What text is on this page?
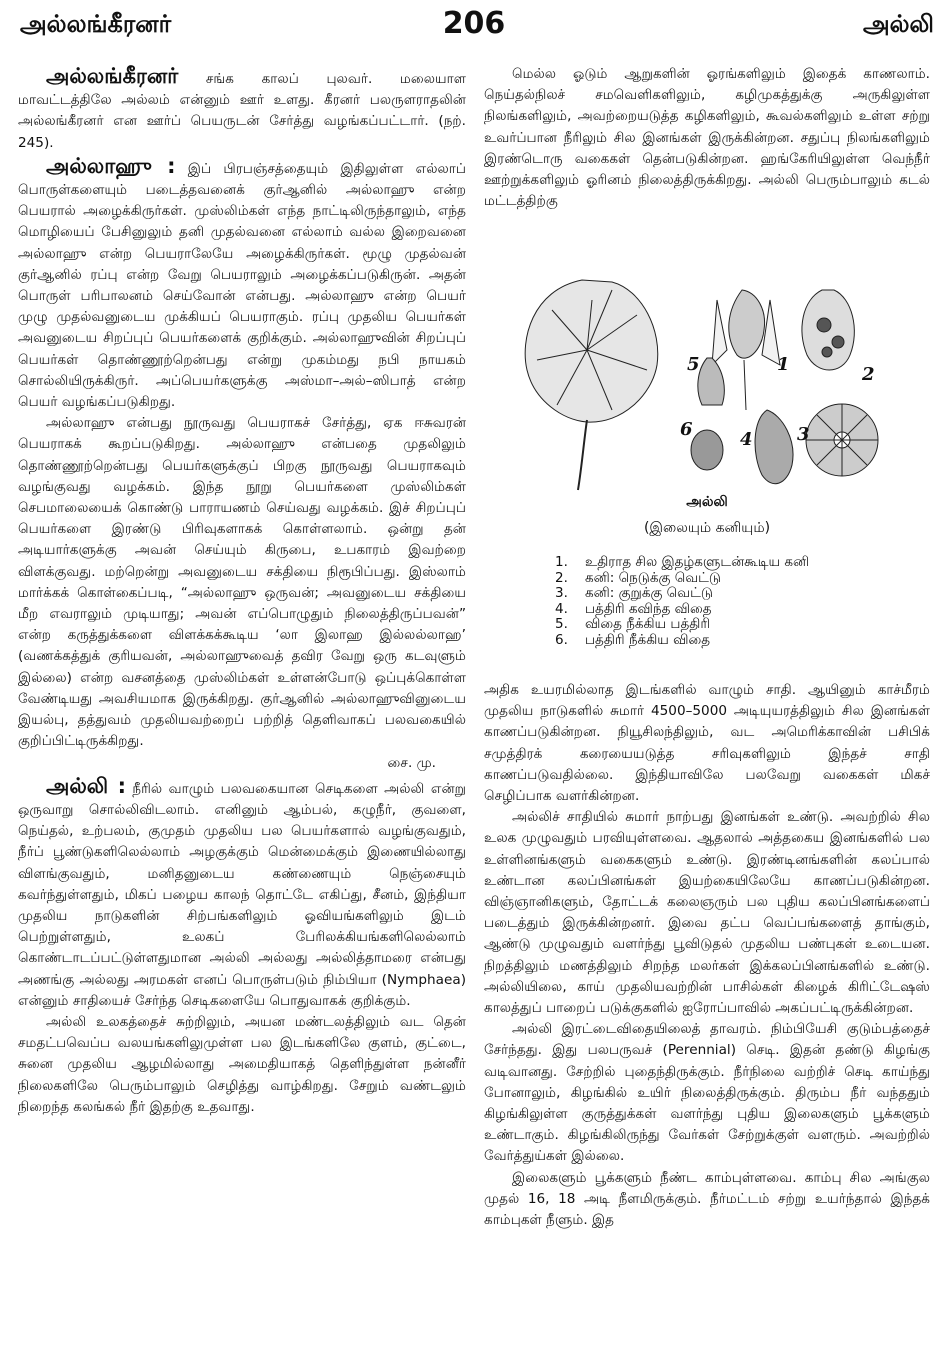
அல்லங்கீரனர்	206	அல்லி

அல்லங்கீரனர் சங்க காலப் புலவர். மலையாள மாவட்டத்திலே அல்லம் என்னும் ஊர் உளது. கீரனர் பலருளராதலின் அல்லங்கீரனர் என ஊர்ப் பெயருடன் சேர்த்து வழங்கப்பட்டார். (நற். 245).

அல்லாஹு : இப் பிரபஞ்சத்தையும் இதிலுள்ள எல்லாப் பொருள்களையும் படைத்தவனைக் குர்ஆனில் அல்லாஹு என்ற பெயரால் அழைக்கிருர்கள். முஸ்லிம்கள் எந்த நாட்டிலிருந்தாலும், எந்த மொழியைப் பேசினுலும் தனி முதல்வனை எல்லாம் வல்ல இறைவனை அல்லாஹு என்ற பெயராலேயே அழைக்கிருர்கள். மூழு முதல்வன் குர்ஆனில் ரப்பு என்ற வேறு பெயராலும் அழைக்கப்படுகிருன். அதன் பொருள் பரிபாலனம் செய்வோன் என்பது. அல்லாஹு என்ற பெயர் முழு முதல்வனுடைய முக்கியப் பெயராகும். ரப்பு முதலிய பெயர்கள் அவனுடைய சிறப்புப் பெயர்களைக் குறிக்கும். அல்லாஹுவின் சிறப்புப் பெயர்கள் தொண்ணூற்றென்பது என்று முகம்மது நபி நாயகம் சொல்லியிருக்கிருர். அப்பெயர்களுக்கு அஸ்மா–அல்–ஸிபாத் என்ற பெயர் வழங்கப்படுகிறது.

அல்லாஹு என்பது நூருவது பெயராகச் சேர்த்து, ஏக ஈசுவரன் பெயராகக் கூறப்படுகிறது. அல்லாஹு என்பதை முதலிலும் தொண்ணூற்றென்பது பெயர்களுக்குப் பிறகு நூருவது பெயராகவும் வழங்குவது வழக்கம். இந்த நூறு பெயர்களை முஸ்லிம்கள் செபமாலையைக் கொண்டு பாராயணம் செய்வது வழக்கம். இச் சிறப்புப் பெயர்களை இரண்டு பிரிவுகளாகக் கொள்ளலாம். ஒன்று தன் அடியார்களுக்கு அவன் செய்யும் கிருபை, உபகாரம் இவற்றை விளக்குவது. மற்றென்று அவனுடைய சக்தியை நிரூபிப்பது. இஸ்லாம் மார்க்கக் கொள்கைப்படி, “அல்லாஹு ஒருவன்; அவனுடைய சக்தியை மீற எவராலும் முடியாது; அவன் எப்பொழுதும் நிலைத்திருப்பவன்” என்ற கருத்துக்களை விளக்கக்கூடிய ‘லா இலாஹ இல்லல்லாஹ’ (வணக்கத்துக் குரியவன், அல்லாஹுவைத் தவிர வேறு ஒரு கடவுளும் இல்லை) என்ற வசனத்தை முஸ்லிம்கள் உள்ளன்போடு ஒப்புக்கொள்ள வேண்டியது அவசியமாக இருக்கிறது. குர்ஆனில் அல்லாஹுவினுடைய இயல்பு, தத்துவம் முதலியவற்றைப் பற்றித் தெளிவாகப் பலவகையில் குறிப்பிட்டிருக்கிறது.

சை. மு.

அல்லி : நீரில் வாழும் பலவகையான செடிகளை அல்லி என்று ஒருவாறு சொல்லிவிடலாம். எனினும் ஆம்பல், கழுநீர், குவளை, நெய்தல், உற்பலம், குமுதம் முதலிய பல பெயர்களால் வழங்குவதும், நீர்ப் பூண்டுகளிலெல்லாம் அழகுக்கும் மென்மைக்கும் இணையில்லாது விளங்குவதும், மனிதனுடைய கண்ணையும் நெஞ்சையும் கவர்ந்துள்ளதும், மிகப் பழைய காலந் தொட்டே எகிப்து, சீனம், இந்தியா முதலிய நாடுகளின் சிற்பங்களிலும் ஓவியங்களிலும் இடம் பெற்றுள்ளதும், உலகப் பேரிலக்கியங்களிலெல்லாம் கொண்டாடப்பட்டுள்ளதுமான அல்லி அல்லது அல்லித்தாமரை என்பது அணங்கு அல்லது அரமகள் எனப் பொருள்படும் நிம்பியா (Nymphaea) என்னும் சாதியைச் சேர்ந்த செடிகளையே பொதுவாகக் குறிக்கும்.

அல்லி உலகத்தைச் சுற்றிலும், அயன மண்டலத்திலும் வட தென் சமதட்பவெப்ப வலயங்களிலுமுள்ள பல இடங்களிலே குளம், குட்டை, சுனை முதலிய ஆழமில்லாது அமைதியாகத் தெளிந்துள்ள நன்னீர் நிலைகளிலே பெரும்பாலும் செழித்து வாழ்கிறது. சேறும் வண்டலும் நிறைந்த கலங்கல் நீர் இதற்கு உதவாது.

மெல்ல ஓடும் ஆறுகளின் ஓரங்களிலும் இதைக் காணலாம். நெய்தல்நிலச் சமவெளிகளிலும், கழிமுகத்துக்கு அருகிலுள்ள நிலங்களிலும், அவற்றையடுத்த கழிகளிலும், கூவல்களிலும் உள்ள சற்று உவர்ப்பான நீரிலும் சில இனங்கள் இருக்கின்றன. சதுப்பு நிலங்களிலும் இரண்டொரு வகைகள் தென்படுகின்றன. ஹங்கேரியிலுள்ள வெந்நீர் ஊற்றுக்களிலும் ஓரினம் நிலைத்திருக்கிறது. அல்லி பெரும்பாலும் கடல் மட்டத்திற்கு

1	2
3
4
5
6
அல்லி
(இலையும் கனியும்)
1.	உதிராத சில இதழ்களுடன்கூடிய கனி
2.	கனி: நெடுக்கு வெட்டு
3.	கனி: குறுக்கு வெட்டு
4.	பத்திரி கவிந்த விதை
5.	விதை நீக்கிய பத்திரி
6.	பத்திரி நீக்கிய விதை

அதிக உயரமில்லாத இடங்களில் வாழும் சாதி. ஆயினும் காச்மீரம் முதலிய நாடுகளில் சுமார் 4500–5000 அடியுயரத்திலும் சில இனங்கள் காணப்படுகின்றன. நியூசிலந்திலும், வட அமெரிக்காவின் பசிபிக் சமுத்திரக் கரையையடுத்த சரிவுகளிலும் இந்தச் சாதி காணப்படுவதில்லை. இந்தியாவிலே பலவேறு வகைகள் மிகச் செழிப்பாக வளர்கின்றன.

அல்லிச் சாதியில் சுமார் நாற்பது இனங்கள் உண்டு. அவற்றில் சில உலக முழுவதும் பரவியுள்ளவை. ஆதலால் அத்தகைய இனங்களில் பல உள்ளினங்களும் வகைகளும் உண்டு. இரண்டினங்களின் கலப்பால் உண்டான கலப்பினங்கள் இயற்கையிலேயே காணப்படுகின்றன. விஞ்ஞானிகளும், தோட்டக் கலைஞரும் பல புதிய கலப்பினங்களைப் படைத்தும் இருக்கின்றனர். இவை தட்ப வெப்பங்களைத் தாங்கும், ஆண்டு முழுவதும் வளர்ந்து பூவிடுதல் முதலிய பண்புகள் உடையன. நிறத்திலும் மணத்திலும் சிறந்த மலர்கள் இக்கலப்பினங்களில் உண்டு. அல்லியிலை, காய் முதலியவற்றின் பாசில்கள் கிழைக் கிரிட்டேஷஸ் காலத்துப் பாறைப் படுக்குகளில் ஐரோப்பாவில் அகப்பட்டிருக்கின்றன.

அல்லி இரட்டைவிதையிலைத் தாவரம். நிம்பியேசி குடும்பத்தைச் சேர்ந்தது. இது பலபருவச் (Perennial) செடி. இதன் தண்டு கிழங்கு வடிவானது. சேற்றில் புதைந்திருக்கும். நீர்நிலை வற்றிச் செடி காய்ந்து போனாலும், கிழங்கில் உயிர் நிலைத்திருக்கும். திரும்ப நீர் வந்ததும் கிழங்கிலுள்ள குருத்துக்கள் வளர்ந்து புதிய இலைகளும் பூக்களும் உண்டாகும். கிழங்கிலிருந்து வேர்கள் சேற்றுக்குள் வளரும். அவற்றில் வேர்த்துய்கள் இல்லை.

இலைகளும் பூக்களும் நீண்ட காம்புள்ளவை. காம்பு சில அங்குல முதல் 16, 18 அடி நீளமிருக்கும். நீர்மட்டம் சற்று உயர்ந்தால் இந்தக் காம்புகள் நீளும். இத
